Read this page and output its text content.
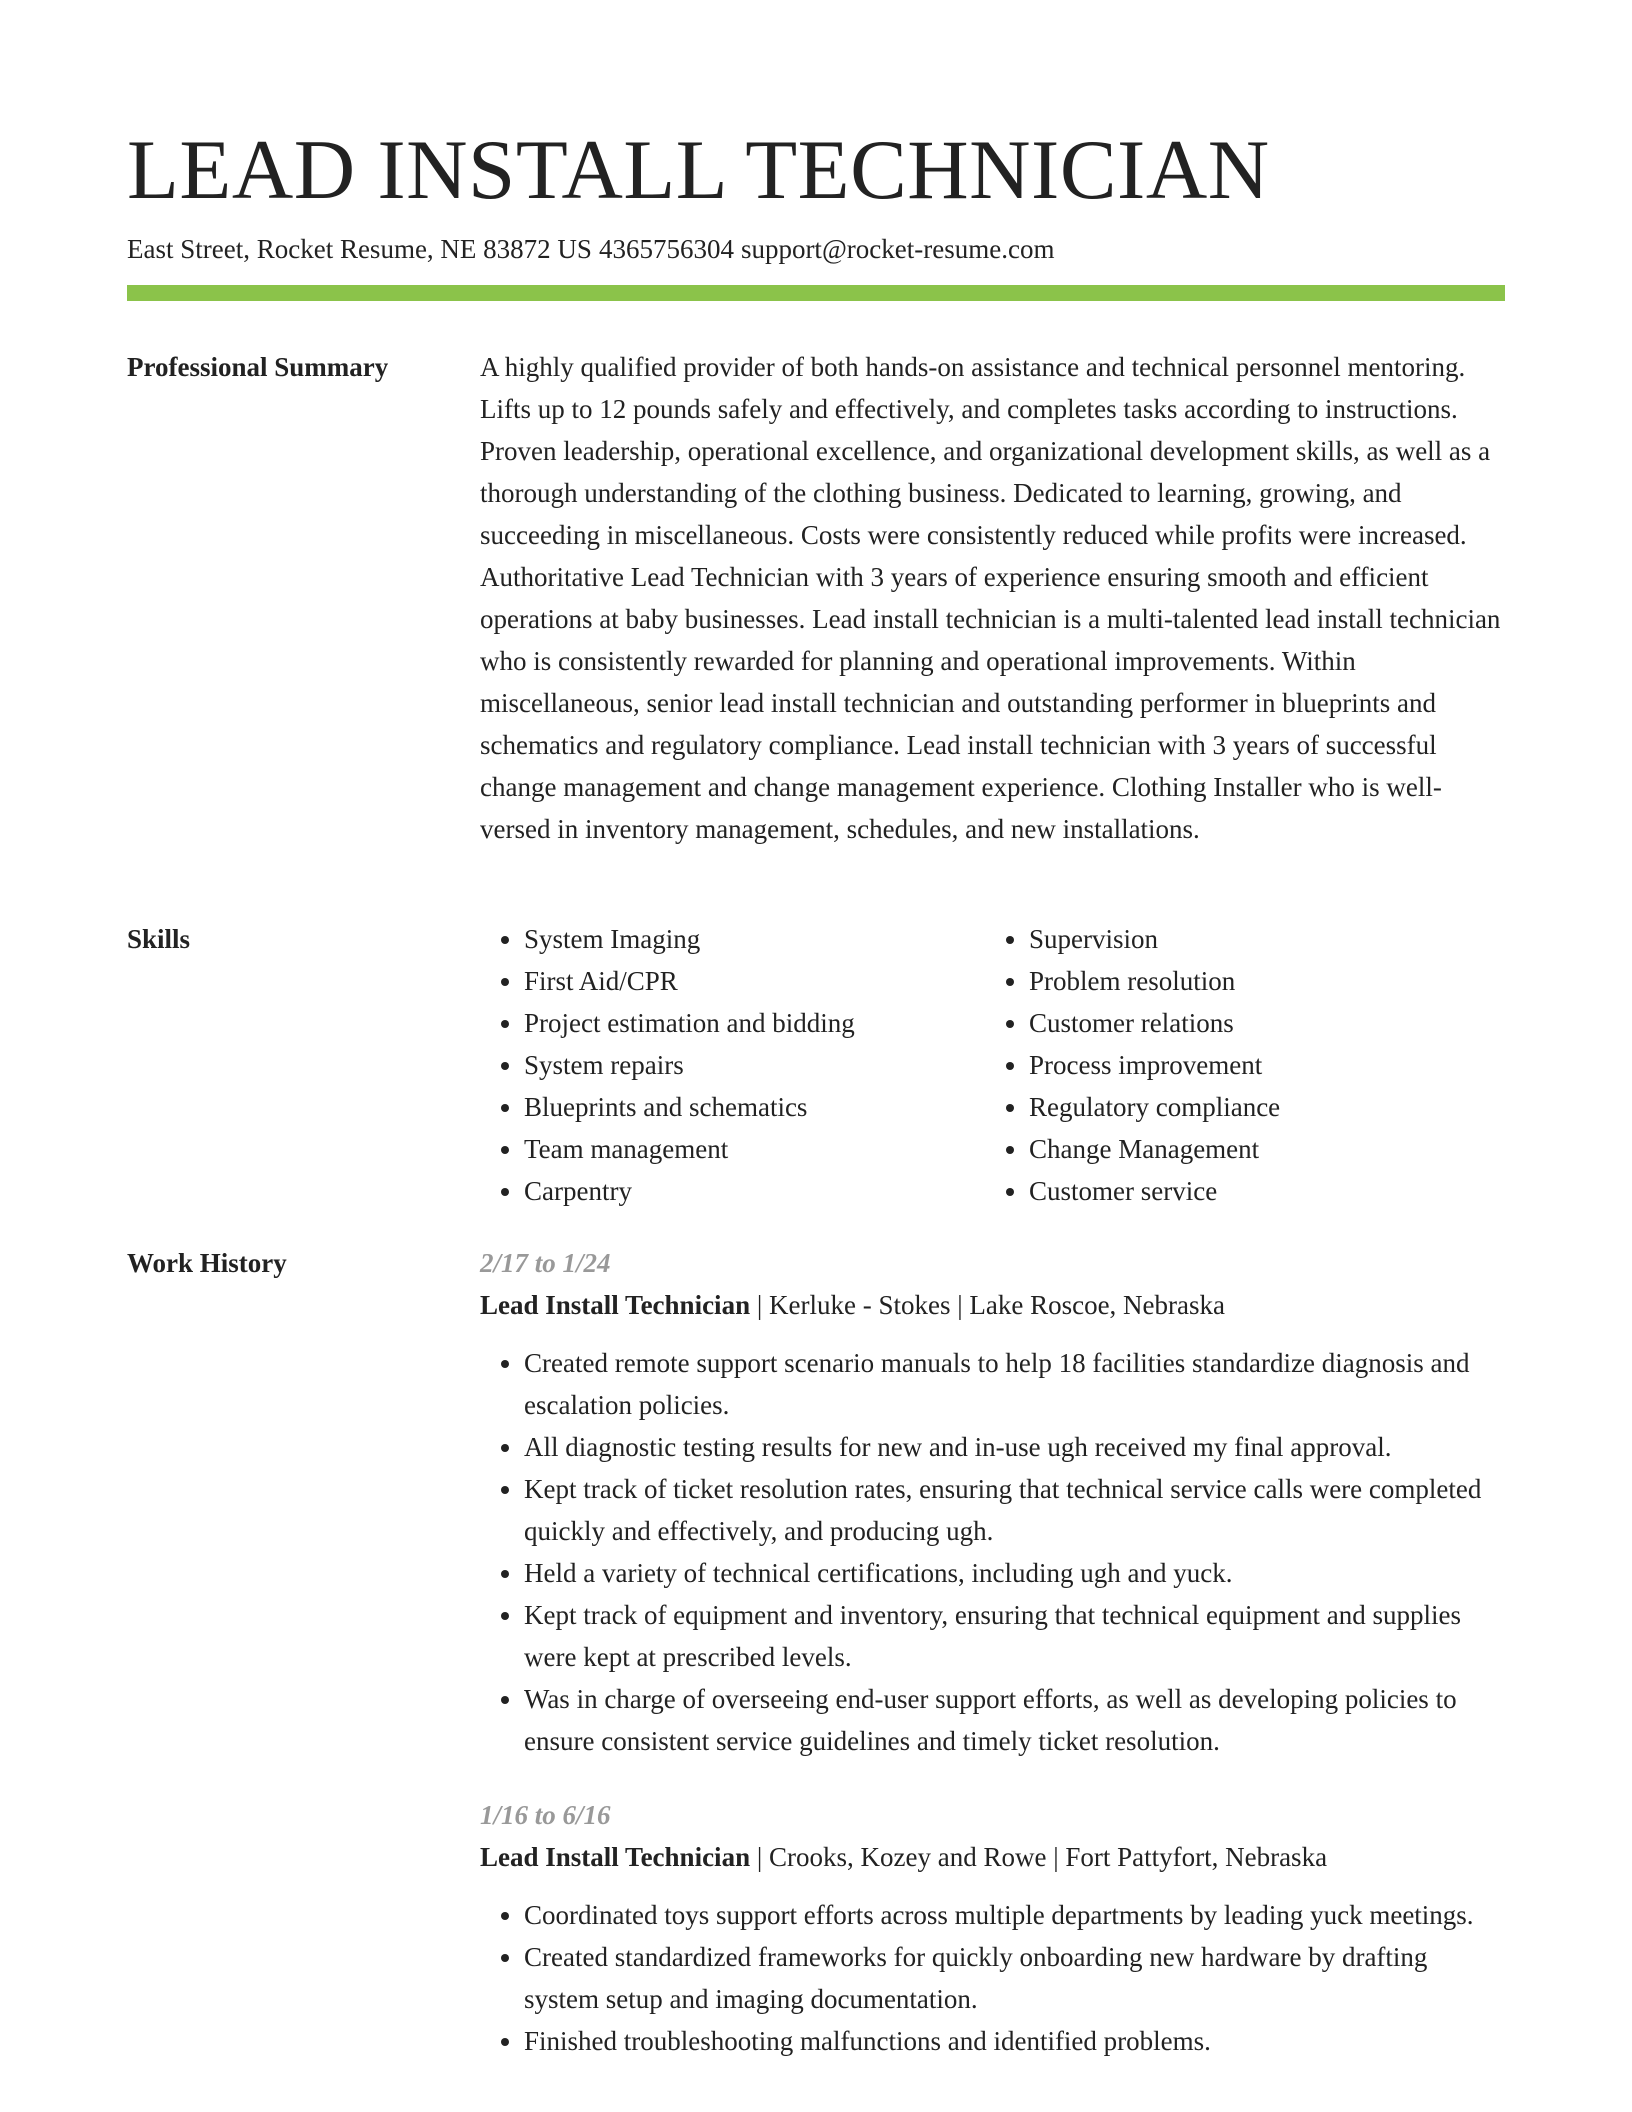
LEAD INSTALL TECHNICIAN
East Street, Rocket Resume, NE 83872 US 4365756304 support@rocket-resume.com
Professional Summary	A highly qualified provider of both hands-on assistance and technical personnel mentoring. Lifts up to 12 pounds safely and effectively, and completes tasks according to instructions. Proven leadership, operational excellence, and organizational development skills, as well as a thorough understanding of the clothing business. Dedicated to learning, growing, and succeeding in miscellaneous. Costs were consistently reduced while profits were increased. Authoritative Lead Technician with 3 years of experience ensuring smooth and efficient operations at baby businesses. Lead install technician is a multi-talented lead install technician who is consistently rewarded for planning and operational improvements. Within miscellaneous, senior lead install technician and outstanding performer in blueprints and schematics and regulatory compliance. Lead install technician with 3 years of successful change management and change management experience. Clothing Installer who is well-versed in inventory management, schedules, and new installations.

Skills
•	System Imaging
• First Aid/CPR
• Project estimation and bidding
• System repairs
• Blueprints and schematics
• Team management
• Carpentry
• Supervision
• Problem resolution
• Customer relations
• Process improvement
• Regulatory compliance
• Change Management
• Customer service
Work History	2/17 to 1/24
Lead Install Technician | Kerluke - Stokes | Lake Roscoe, Nebraska
• Created remote support scenario manuals to help 18 facilities standardize diagnosis and escalation policies.
• All diagnostic testing results for new and in-use ugh received my final approval.
• Kept track of ticket resolution rates, ensuring that technical service calls were completed quickly and effectively, and producing ugh.
• Held a variety of technical certifications, including ugh and yuck.
• Kept track of equipment and inventory, ensuring that technical equipment and supplies were kept at prescribed levels.
• Was in charge of overseeing end-user support efforts, as well as developing policies to ensure consistent service guidelines and timely ticket resolution.
1/16 to 6/16
Lead Install Technician | Crooks, Kozey and Rowe | Fort Pattyfort, Nebraska
• Coordinated toys support efforts across multiple departments by leading yuck meetings.
• Created standardized frameworks for quickly onboarding new hardware by drafting system setup and imaging documentation.
• Finished troubleshooting malfunctions and identified problems.
